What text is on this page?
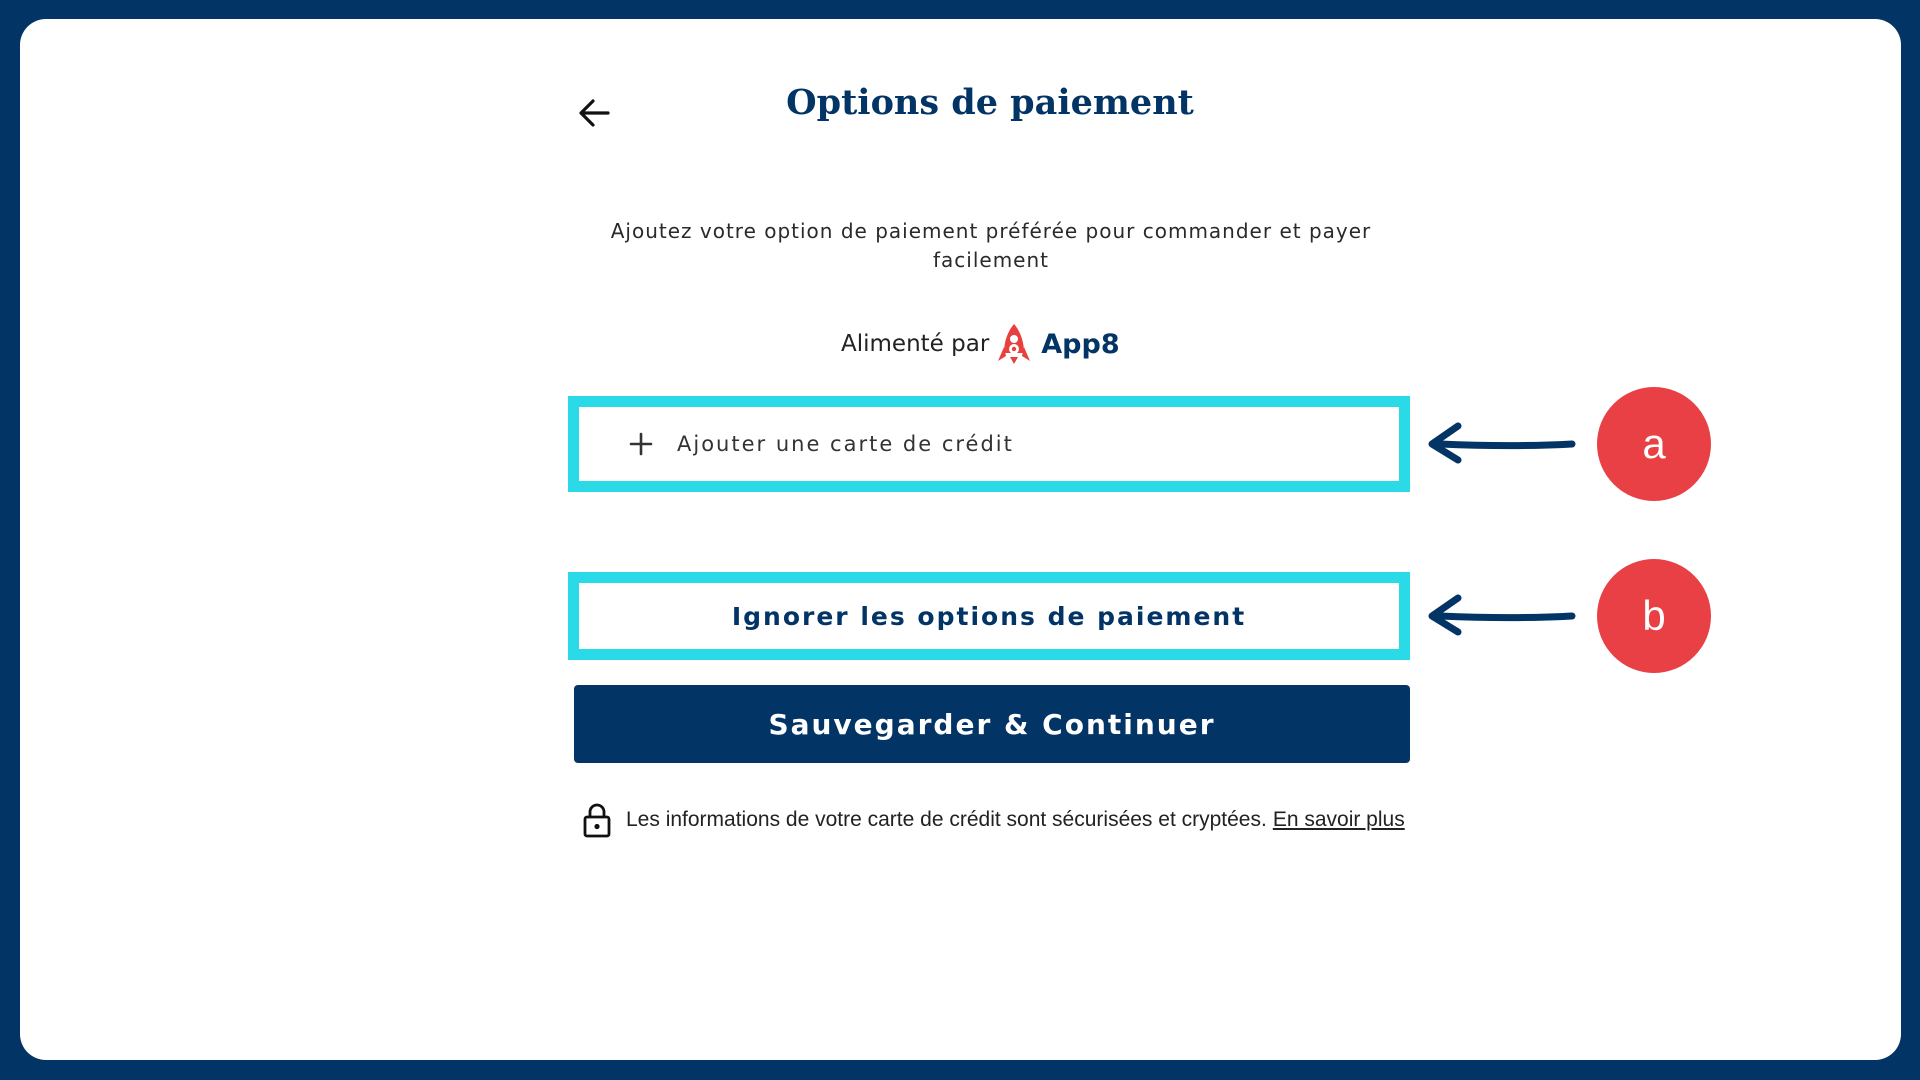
Options de paiement
Ajoutez votre option de paiement préférée pour commander et payer facilement
Alimenté par App8
Ajouter une carte de crédit
Ignorer les options de paiement
Sauvegarder & Continuer
Les informations de votre carte de crédit sont sécurisées et cryptées. En savoir plus
a
b
